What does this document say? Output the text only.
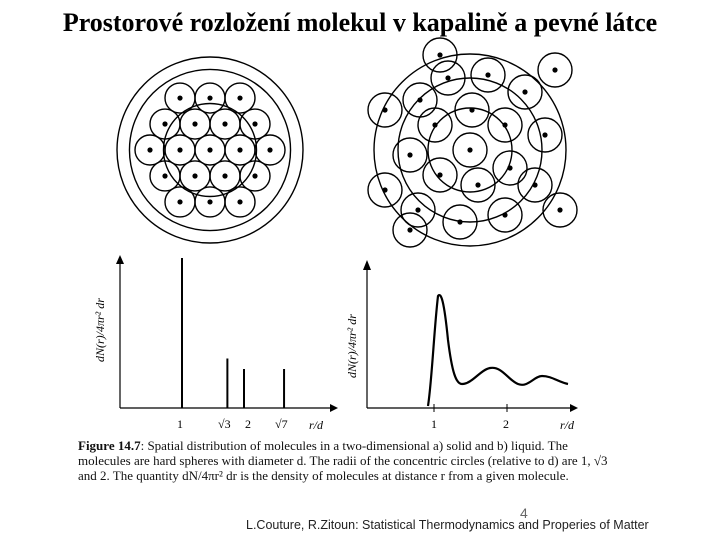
Prostorové rozložení molekul v kapalině a pevné látce
dN(r)/4πr² dr
r/d
1	√3 2 √7
dN(r)/4πr² dr
r/d
1	2
Figure 14.7: Spatial distribution of molecules in a two-dimensional a) solid and b) liquid. The molecules are hard spheres with diameter d. The radii of the concentric circles (relative to d) are 1, √3 and 2. The quantity dN/4πr² dr is the density of molecules at distance r from a given molecule.
4
L.Couture, R.Zitoun: Statistical Thermodynamics and Properies of Matter
